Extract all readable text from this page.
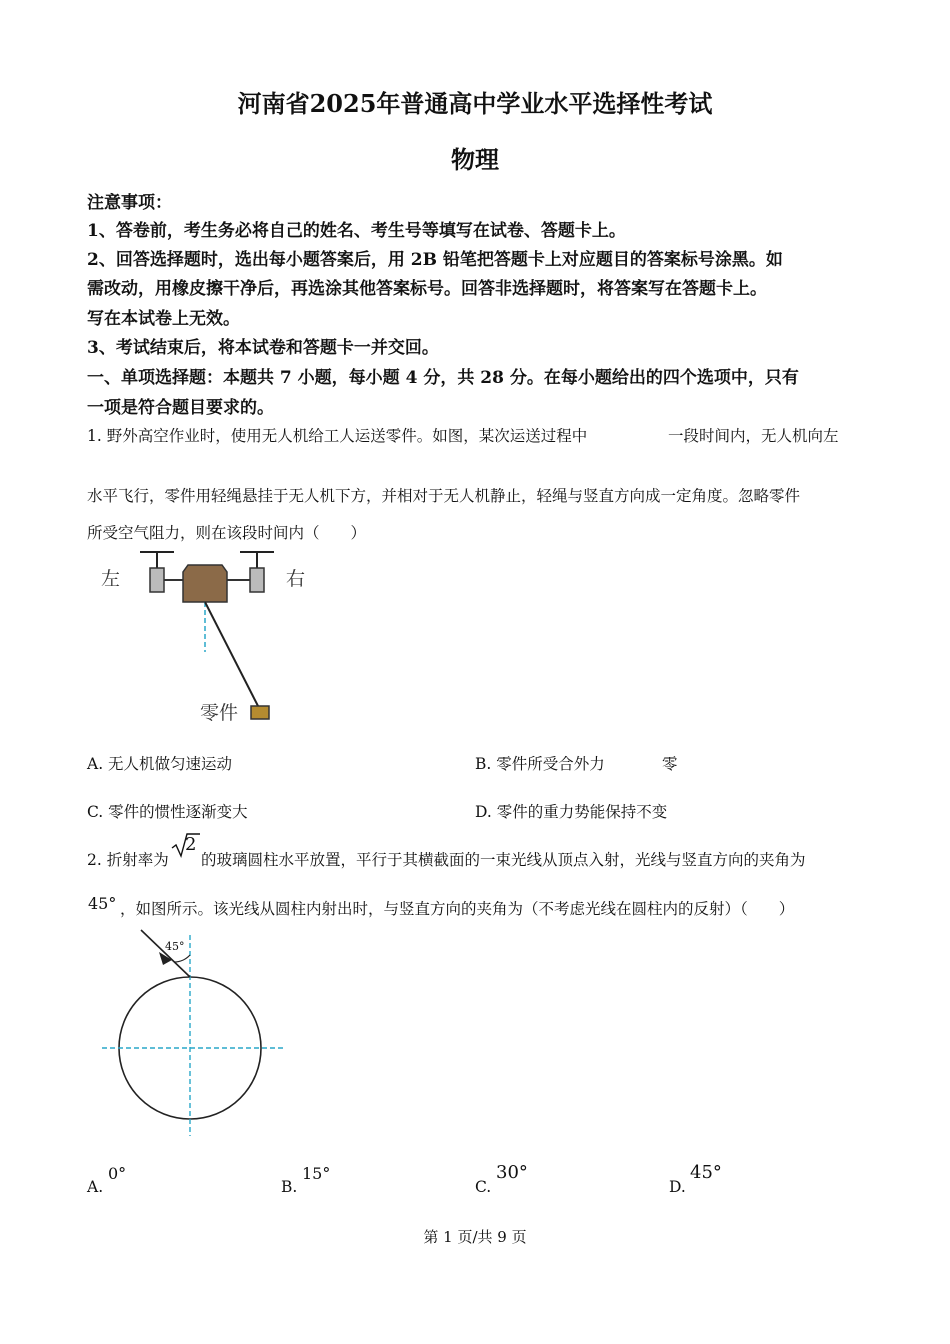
河南省2025年普通高中学业水平选择性考试
物理
注意事项：
1、答卷前，考生务必将自己的姓名、考生号等填写在试卷、答题卡上。
2、回答选择题时，选出每小题答案后，用 2B 铅笔把答题卡上对应题目的答案标号涂黑。如
需改动，用橡皮擦干净后，再选涂其他答案标号。回答非选择题时，将答案写在答题卡上。
写在本试卷上无效。
3、考试结束后，将本试卷和答题卡一并交回。
一、单项选择题：本题共 7 小题，每小题 4 分，共 28 分。在每小题给出的四个选项中，只有
一项是符合题目要求的。
1. 野外高空作业时，使用无人机给工人运送零件。如图，某次运送过程中	一段时间内，无人机向左
水平飞行，零件用轻绳悬挂于无人机下方，并相对于无人机静止，轻绳与竖直方向成一定角度。忽略零件
所受空气阻力，则在该段时间内（　　）
左	右
零件
A. 无人机做匀速运动	B. 零件所受合外力	零
C. 零件的惯性逐渐变大	D. 零件的重力势能保持不变
2. 折射率为
2
的玻璃圆柱水平放置，平行于其横截面的一束光线从顶点入射，光线与竖直方向的夹角为
45° ，如图所示。该光线从圆柱内射出时，与竖直方向的夹角为（不考虑光线在圆柱内的反射）（　　）
45°
A.
0°
B.
15°
C.
30°
D.
45°
第 1 页/共 9 页
